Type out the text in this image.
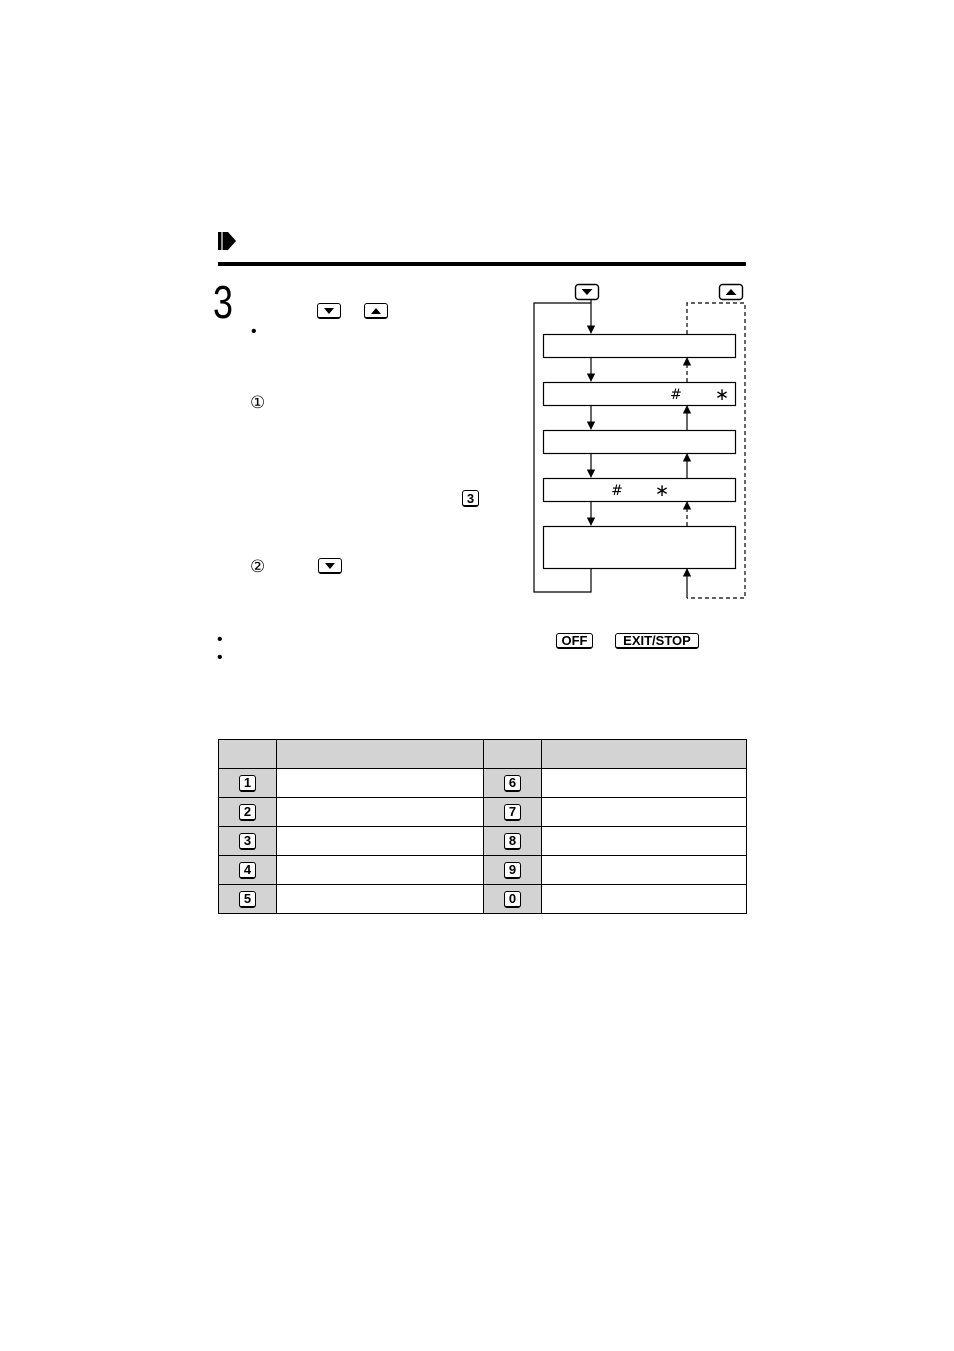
3
•
①
3
②
# ∗
# ∗
•	OFF	EXIT/STOP
•

1		6	

2		7	

3		8	

4		9	

5		0	
